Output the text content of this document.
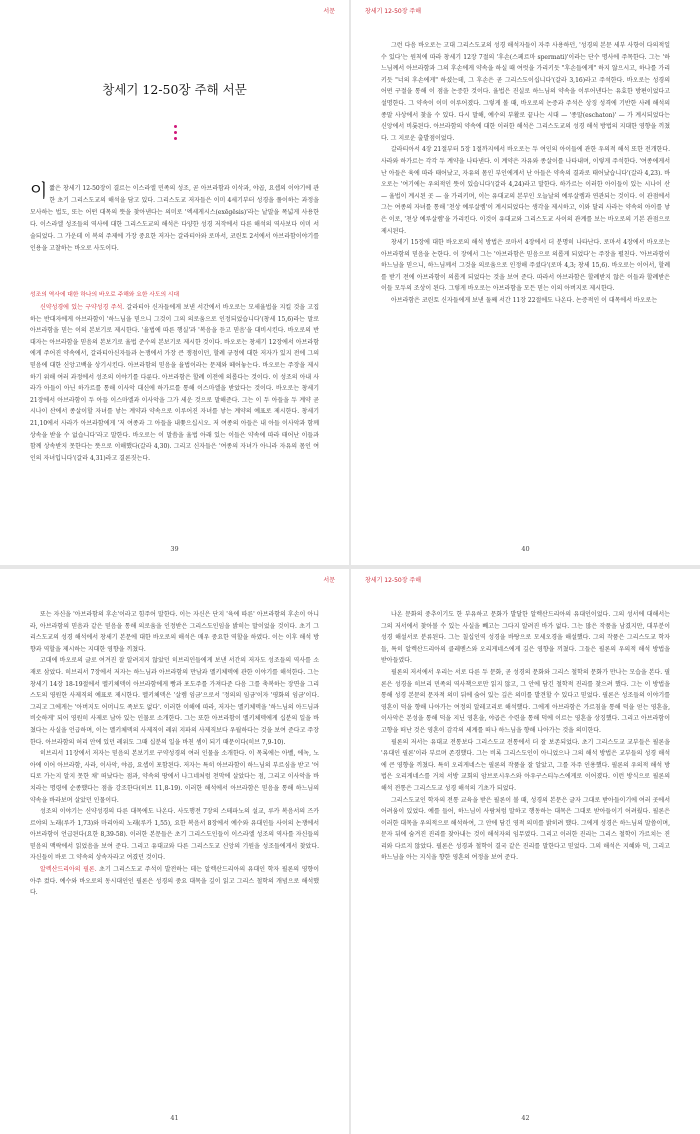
서문
창세기 12-50장 주해 서문
이 짧은 창세기 12-50장이 결르는 이스라엘 민족의 성조, 곧 아브라함과 이삭과, 야곱, 요셉의 이야기에 관한 초기 그리스도교의 해석을 담고 있다. 그리스도교 저자들은 이미 4세기부터 성경을 풀이하는 과정을 모사하는 법도, 또는 어떤 대목의 뜻을 찾아낸다는 의미로 '엑세게시스(exēgēsis)'라는 낱말을 폭넓게 사용한다. 이스라엘 성조들의 역사에 대한 그리스도교의 해석은 다양한 성경 저작에서 다른 해석의 역사보다 이미 서술되었다. 그 가운데 이 복의 주제에 가장 중요한 저자는 갈라티아와 로마서, 코린토 2서에서 아브라함이야기를 인용을 고찰하는 바오로 사도이다.
성조의 역사에 대한 하나의 바오로 주해와 요한 사도의 시대

신약성경에 있는 구약성경 주석. 갈라티아 신자들에게 보낸 서간에서 바오로는 모세율법을 지킬 것을 고집하는 반대자에게 아브라함이 '하느님을 믿으니 그것이 그의 의로움으로 인정되었습니다'(창세 15,6)라는 말로 아브라함을 믿는 이의 본보기로 제시한다. '율법에 따른 행실'과 '복음을 듣고 믿음'을 대비시킨다. 바오로의 반대자는 아브라함을 믿음의 본보기로 율법 준수의 본보기로 제시한 것이다. 바오로는 창세기 12장에서 아브라함에게 주어진 약속에서, 갈라티아신자들과 논쟁에서 가장 큰 쟁점이던, 할례 규정에 대한 저자가 있지 전에 그의 믿음에 대한 신앙고백을 상기시킨다. 아브라함의 믿음을 율법이라는 문제와 떼어놓는다. 바오로는 주장을 제시하기 위해 여러 과정에서 성조의 이야기를 다룬다. 아브라함은 할례 이전에 의롭다는 것이다. 이 성조의 아내 사라가 아들이 아닌 하가르를 통해 이사악 대신에 하가르를 통해 이스마엘을 받았다는 것이다. 바오로는 창세기 21장에서 아브라함이 두 아들 이스마엘과 이사악을 그가 세운 것으로 말해준다. 그는 이 두 아들을 두 계약 곧 시나이 산에서 종살이할 자녀를 낳는 계약과 약속으로 이루어진 자녀를 낳는 계약의 예표로 제시한다. 창세기 21,10에서 사라가 아브라함에게 '저 여종과 그 아들을 내쫓으십시오. 저 여종의 아들은 내 아들 이사악과 함께 상속을 받을 수 없습니다'라고 말한다. 바오로는 이 말씀을 율법 아래 있는 이들은 약속에 따라 태어난 이들과 함께 상속받지 못한다는 뜻으로 이해했다(갈라 4,30). 그리고 신자들은 '여종의 자녀가 아니라 자유의 몸인 여인의 자녀입니다'(갈라 4,31)라고 결론짓는다.

39
창세기 12-50장 주해

그런 다음 바오로는 고대 그리스도교의 성경 해석자들이 자주 사용하던, '성경의 본문 세부 사항이 다의적일 수 있다'는 원칙에 따라 창세기 12장 7절의 '후손(스페르마 spermati)'이라는 단수 명사에 주목한다. 그는 '하느님께서 아브라함과 그의 후손에게 약속을 하실 때 여럿을 가리키듯 "후손들에게" 하지 않으시고, 하나를 가리키듯 "너의 후손에게" 하셨는데, 그 후손은 곧 그리스도이십니다'(갈라 3,16)라고 주석한다. 바오로는 성경의 어떤 구절을 통해 이 점을 논증한 것이다. 율법은 진실로 하느님의 약속을 이루어낸다는 유효한 방편이었다고 설명한다. 그 약속이 이미 이루어졌다. 그렇게 볼 때, 바오로의 논증과 주석은 상징 성격에 기반한 사례 해석의 종말 사상에서 찾을 수 있다. 다시 말해, 예수의 부활로 끝나는 시대 — '종말(eschaton)' — 가 계시되었다는 신앙에서 비롯된다. 아브라함의 약속에 대한 이러한 해석은 그리스도교의 성경 해석 방법의 지대한 영향을 끼쳤다. 그 지로운 출발점이었다.

갈라티아서 4장 21절부터 5장 1절까지에서 바오로는 두 여인의 아이들에 관한 우의적 해석 또한 전개한다. 사라와 하가르는 각각 두 계약을 나타낸다. 이 계약은 자유와 종살이를 나타내며, 이렇게 주석한다. '여종에게서 난 아들은 육에 따라 태어났고, 자유의 몸인 부인에게서 난 아들은 약속의 결과로 태어났습니다'(갈라 4,23). 바오로는 '여기에는 우의적인 뜻이 있습니다'(갈라 4,24)라고 말한다. 하가르는 이러한 아이들이 있는 시나이 산 — 율법이 계시된 곳 — 을 가리키며, 이는 유대교의 본부인 오늘날의 예루살렘과 연관되는 것이다. 이 관점에서 그는 여종의 자녀를 통해 '천상 예루살렘'이 계시되었다는 생각을 제시하고, 이와 달리 사라는 약속의 아이를 낳은 이로, '천상 예루살렘'을 가리킨다. 이것이 유대교와 그리스도교 사이의 관계를 보는 바오로의 기본 관점으로 제시된다.

창세기 15장에 대한 바오로의 해석 방법은 로마서 4장에서 더 분명히 나타난다. 로마서 4장에서 바오로는 아브라함의 믿음을 논한다. 이 장에서 그는 '아브라함은 믿음으로 의롭게 되었다'는 주장을 펼친다. '아브라함이 하느님을 믿으니, 하느님께서 그것을 의로움으로 인정해 주셨다'(로마 4,3; 창세 15,6). 바오로는 이어서, 할례를 받기 전에 아브라함이 의롭게 되었다는 것을 보여 준다. 따라서 아브라함은 할례받지 않은 이들과 할례받은 이들 모두의 조상이 된다. 그렇게 바오로는 아브라함을 모든 믿는 이의 아버지로 제시한다.

아브라함은 코린토 신자들에게 보낸 둘째 서간 11장 22절에도 나온다. 논증적인 이 대목에서 바오로는

40
서문

또는 자신을 '아브라함의 후손'이라고 힘주어 말한다. 이는 자신은 단지 '육에 따른' 아브라함의 후손이 아니라, 아브라함의 믿음과 같은 믿음을 통해 의로움을 인정받은 그리스도인임을 밝히는 말이었을 것이다. 초기 그리스도교의 성경 해석에서 창세기 본문에 대한 바오로의 해석은 매우 중요한 역할을 하였다. 이는 이후 해석 방향과 역할을 제시하는 지대한 영향을 끼쳤다.

고대에 바오로의 글로 여겨진 잘 알려지지 않았던 히브리인들에게 보낸 서간의 저자도 성조들의 역사를 소재로 삼았다. 히브리서 7장에서 저자는 하느님과 아브라함의 만남과 멜키체덱에 관한 이야기를 해석한다. 그는 창세기 14장 18-19절에서 멜키체덱이 아브라함에게 빵과 포도주를 가져다준 다음 그를 축복하는 장면을 그리스도의 영원한 사제직의 예표로 제시한다. 멜키체덱은 '살렘 임금'으로서 '정의의 임금'이자 '평화의 임금'이다. 그리고 그에게는 '아버지도 어머니도 족보도 없다'. 이러한 이해에 따라, 저자는 멜키체덱을 '하느님의 아드님과 비슷하게' 되어 영원히 사제로 남아 있는 인물로 소개한다. 그는 또한 아브라함이 멜키체덱에게 십분의 일을 바쳤다는 사실을 언급하며, 이는 멜키체덱의 사제직이 레위 지파의 사제직보다 우월하다는 것을 보여 준다고 주장한다. 아브라함의 허리 안에 있던 레위도 그때 십분의 일을 바친 셈이 되기 때문이다(히브 7,9-10).

히브리서 11장에서 저자는 믿음의 본보기로 구약성경의 여러 인물을 소개한다. 이 목록에는 아벨, 에녹, 노아에 이어 아브라함, 사라, 이사악, 야곱, 요셉이 포함된다. 저자는 특히 아브라함이 하느님의 부르심을 받고 '어디로 가는지 알지 못한 채' 떠났다는 점과, 약속의 땅에서 나그네처럼 천막에 살았다는 점, 그리고 이사악을 바치라는 명령에 순종했다는 점을 강조한다(히브 11,8-19). 이러한 해석에서 아브라함은 믿음을 통해 하느님의 약속을 바라보며 살았던 인물이다.

성조의 이야기는 신약성경의 다른 대목에도 나온다. 사도행전 7장의 스테파노의 설교, 루카 복음서의 즈카르야의 노래(루카 1,73)와 마리아의 노래(루카 1,55), 요한 복음서 8장에서 예수와 유대인들 사이의 논쟁에서 아브라함이 언급된다(요한 8,39-58). 이러한 본문들은 초기 그리스도인들이 이스라엘 성조의 역사를 자신들의 믿음의 맥락에서 읽었음을 보여 준다. 그리고 유대교와 다른 그리스도교 신앙의 기원을 성조들에게서 찾았다. 자신들이 바로 그 약속의 상속자라고 여겼던 것이다.

알렉산드리아의 필론. 초기 그리스도교 주석이 발전하는 데는 알렉산드리아의 유대인 학자 필론의 영향이 아주 컸다. 예수와 바오로의 동시대인인 필론은 성경의 중요 대목을 깊이 읽고 그리스 철학의 개념으로 해석했다.

41
창세기 12-50장 주해

나온 문화의 중추이기도 한 부유하고 문화가 발달한 알렉산드리아의 유대인이었다. 그의 성서에 대해서는 그의 저서에서 찾아볼 수 있는 사실을 빼고는 그다지 알려진 바가 없다. 그는 많은 작품을 남겼지만, 대부분이 성경 해설서로 분류된다. 그는 칠십인역 성경을 바탕으로 모세오경을 해설했다. 그의 작품은 그리스도교 학자들, 특히 알렉산드리아의 클레멘스와 오리게네스에게 깊은 영향을 끼쳤다. 그들은 필론의 우의적 해석 방법을 받아들였다.

필론의 저서에서 우리는 서로 다른 두 문화, 곧 성경의 문화와 그리스 철학의 문화가 만나는 모습을 본다. 필론은 성경을 히브리 민족의 역사책으로만 읽지 않고, 그 안에 담긴 철학적 진리를 찾으려 했다. 그는 이 방법을 통해 성경 본문의 문자적 의미 뒤에 숨어 있는 깊은 의미를 발견할 수 있다고 믿었다. 필론은 성조들의 이야기를 영혼이 덕을 향해 나아가는 여정의 알레고리로 해석했다. 그에게 아브라함은 가르침을 통해 덕을 얻는 영혼을, 이사악은 본성을 통해 덕을 지닌 영혼을, 야곱은 수련을 통해 덕에 이르는 영혼을 상징했다. 그리고 아브라함이 고향을 떠난 것은 영혼이 감각의 세계를 떠나 하느님을 향해 나아가는 것을 의미한다.

필론의 저서는 유대교 전통보다 그리스도교 전통에서 더 잘 보존되었다. 초기 그리스도교 교부들은 필론을 '유대인 필론'이라 부르며 존경했다. 그는 비록 그리스도인이 아니었으나 그의 해석 방법은 교부들의 성경 해석에 큰 영향을 끼쳤다. 특히 오리게네스는 필론의 작품을 잘 알았고, 그를 자주 인용했다. 필론의 우의적 해석 방법은 오리게네스를 거쳐 서방 교회의 암브로시우스와 아우구스티누스에게로 이어졌다. 이런 방식으로 필론의 해석 전통은 그리스도교 성경 해석의 기초가 되었다.

그리스도교인 학자의 전통 교육을 받은 필론이 볼 때, 성경의 본문은 글자 그대로 받아들이기에 여러 곳에서 어려움이 있었다. 예를 들어, 하느님이 사람처럼 말하고 행동하는 대목은 그대로 받아들이기 어려웠다. 필론은 이러한 대목을 우의적으로 해석하여, 그 안에 담긴 영적 의미를 밝히려 했다. 그에게 성경은 하느님의 말씀이며, 문자 뒤에 숨겨진 진리를 찾아내는 것이 해석자의 임무였다. 그리고 이러한 진리는 그리스 철학이 가르치는 진리와 다르지 않았다. 필론은 성경과 철학이 결국 같은 진리를 말한다고 믿었다. 그의 해석은 지혜와 덕, 그리고 하느님을 아는 지식을 향한 영혼의 여정을 보여 준다.

42
